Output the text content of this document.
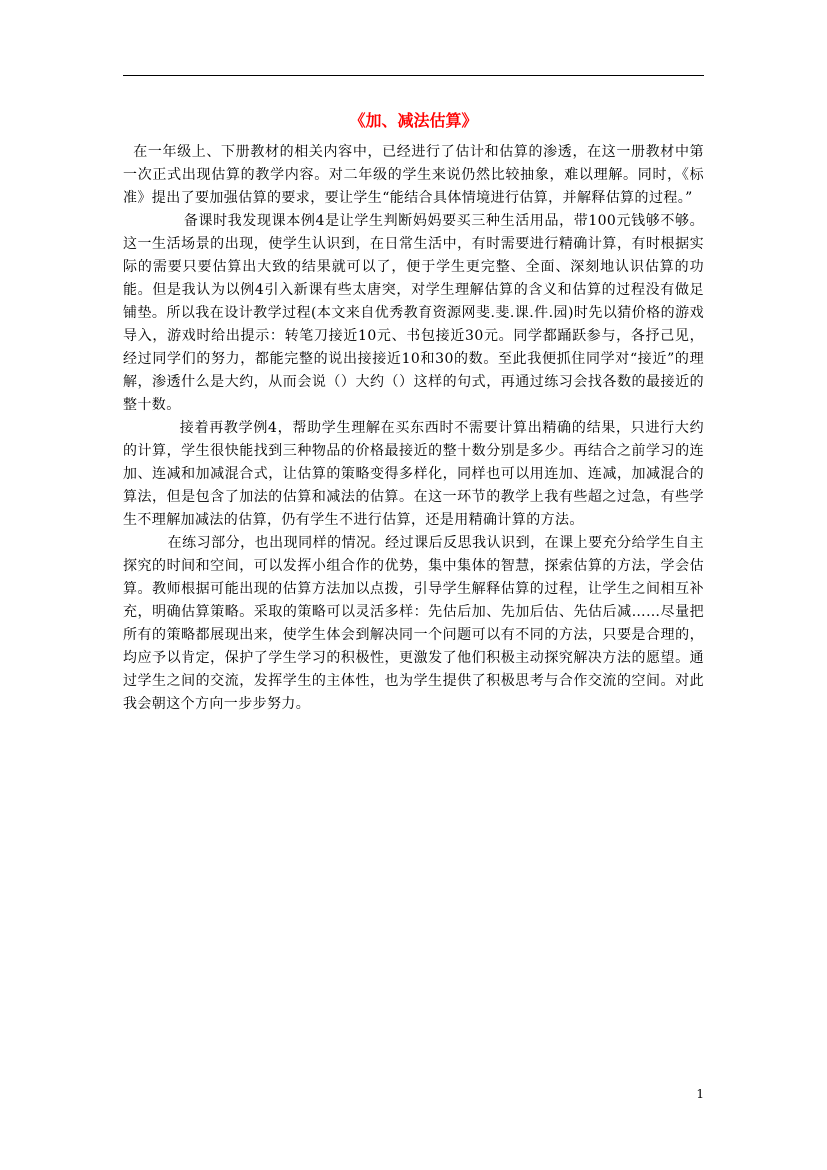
《加、减法估算》

在一年级上、下册教材的相关内容中，已经进行了估计和估算的渗透，在这一册教材中第一次正式出现估算的教学内容。对二年级的学生来说仍然比较抽象，难以理解。同时，《标准》提出了要加强估算的要求，要让学生“能结合具体情境进行估算，并解释估算的过程。”

备课时我发现课本例4是让学生判断妈妈要买三种生活用品，带100元钱够不够。这一生活场景的出现，使学生认识到，在日常生活中，有时需要进行精确计算，有时根据实际的需要只要估算出大致的结果就可以了，便于学生更完整、全面、深刻地认识估算的功能。但是我认为以例4引入新课有些太唐突，对学生理解估算的含义和估算的过程没有做足铺垫。所以我在设计教学过程(本文来自优秀教育资源网斐.斐.课.件.园)时先以猜价格的游戏导入，游戏时给出提示：转笔刀接近10元、书包接近30元。同学都踊跃参与，各抒己见，经过同学们的努力，都能完整的说出接接近10和30的数。至此我便抓住同学对“接近”的理解，渗透什么是大约，从而会说（）大约（）这样的句式，再通过练习会找各数的最接近的整十数。

接着再教学例4，帮助学生理解在买东西时不需要计算出精确的结果，只进行大约的计算，学生很快能找到三种物品的价格最接近的整十数分别是多少。再结合之前学习的连加、连减和加减混合式，让估算的策略变得多样化，同样也可以用连加、连减，加减混合的算法，但是包含了加法的估算和减法的估算。在这一环节的教学上我有些超之过急，有些学生不理解加减法的估算，仍有学生不进行估算，还是用精确计算的方法。

在练习部分，也出现同样的情况。经过课后反思我认识到，在课上要充分给学生自主探究的时间和空间，可以发挥小组合作的优势，集中集体的智慧，探索估算的方法，学会估算。教师根据可能出现的估算方法加以点拨，引导学生解释估算的过程，让学生之间相互补充，明确估算策略。采取的策略可以灵活多样：先估后加、先加后估、先估后减……尽量把所有的策略都展现出来，使学生体会到解决同一个问题可以有不同的方法，只要是合理的，均应予以肯定，保护了学生学习的积极性，更激发了他们积极主动探究解决方法的愿望。通过学生之间的交流，发挥学生的主体性，也为学生提供了积极思考与合作交流的空间。对此我会朝这个方向一步步努力。

1
